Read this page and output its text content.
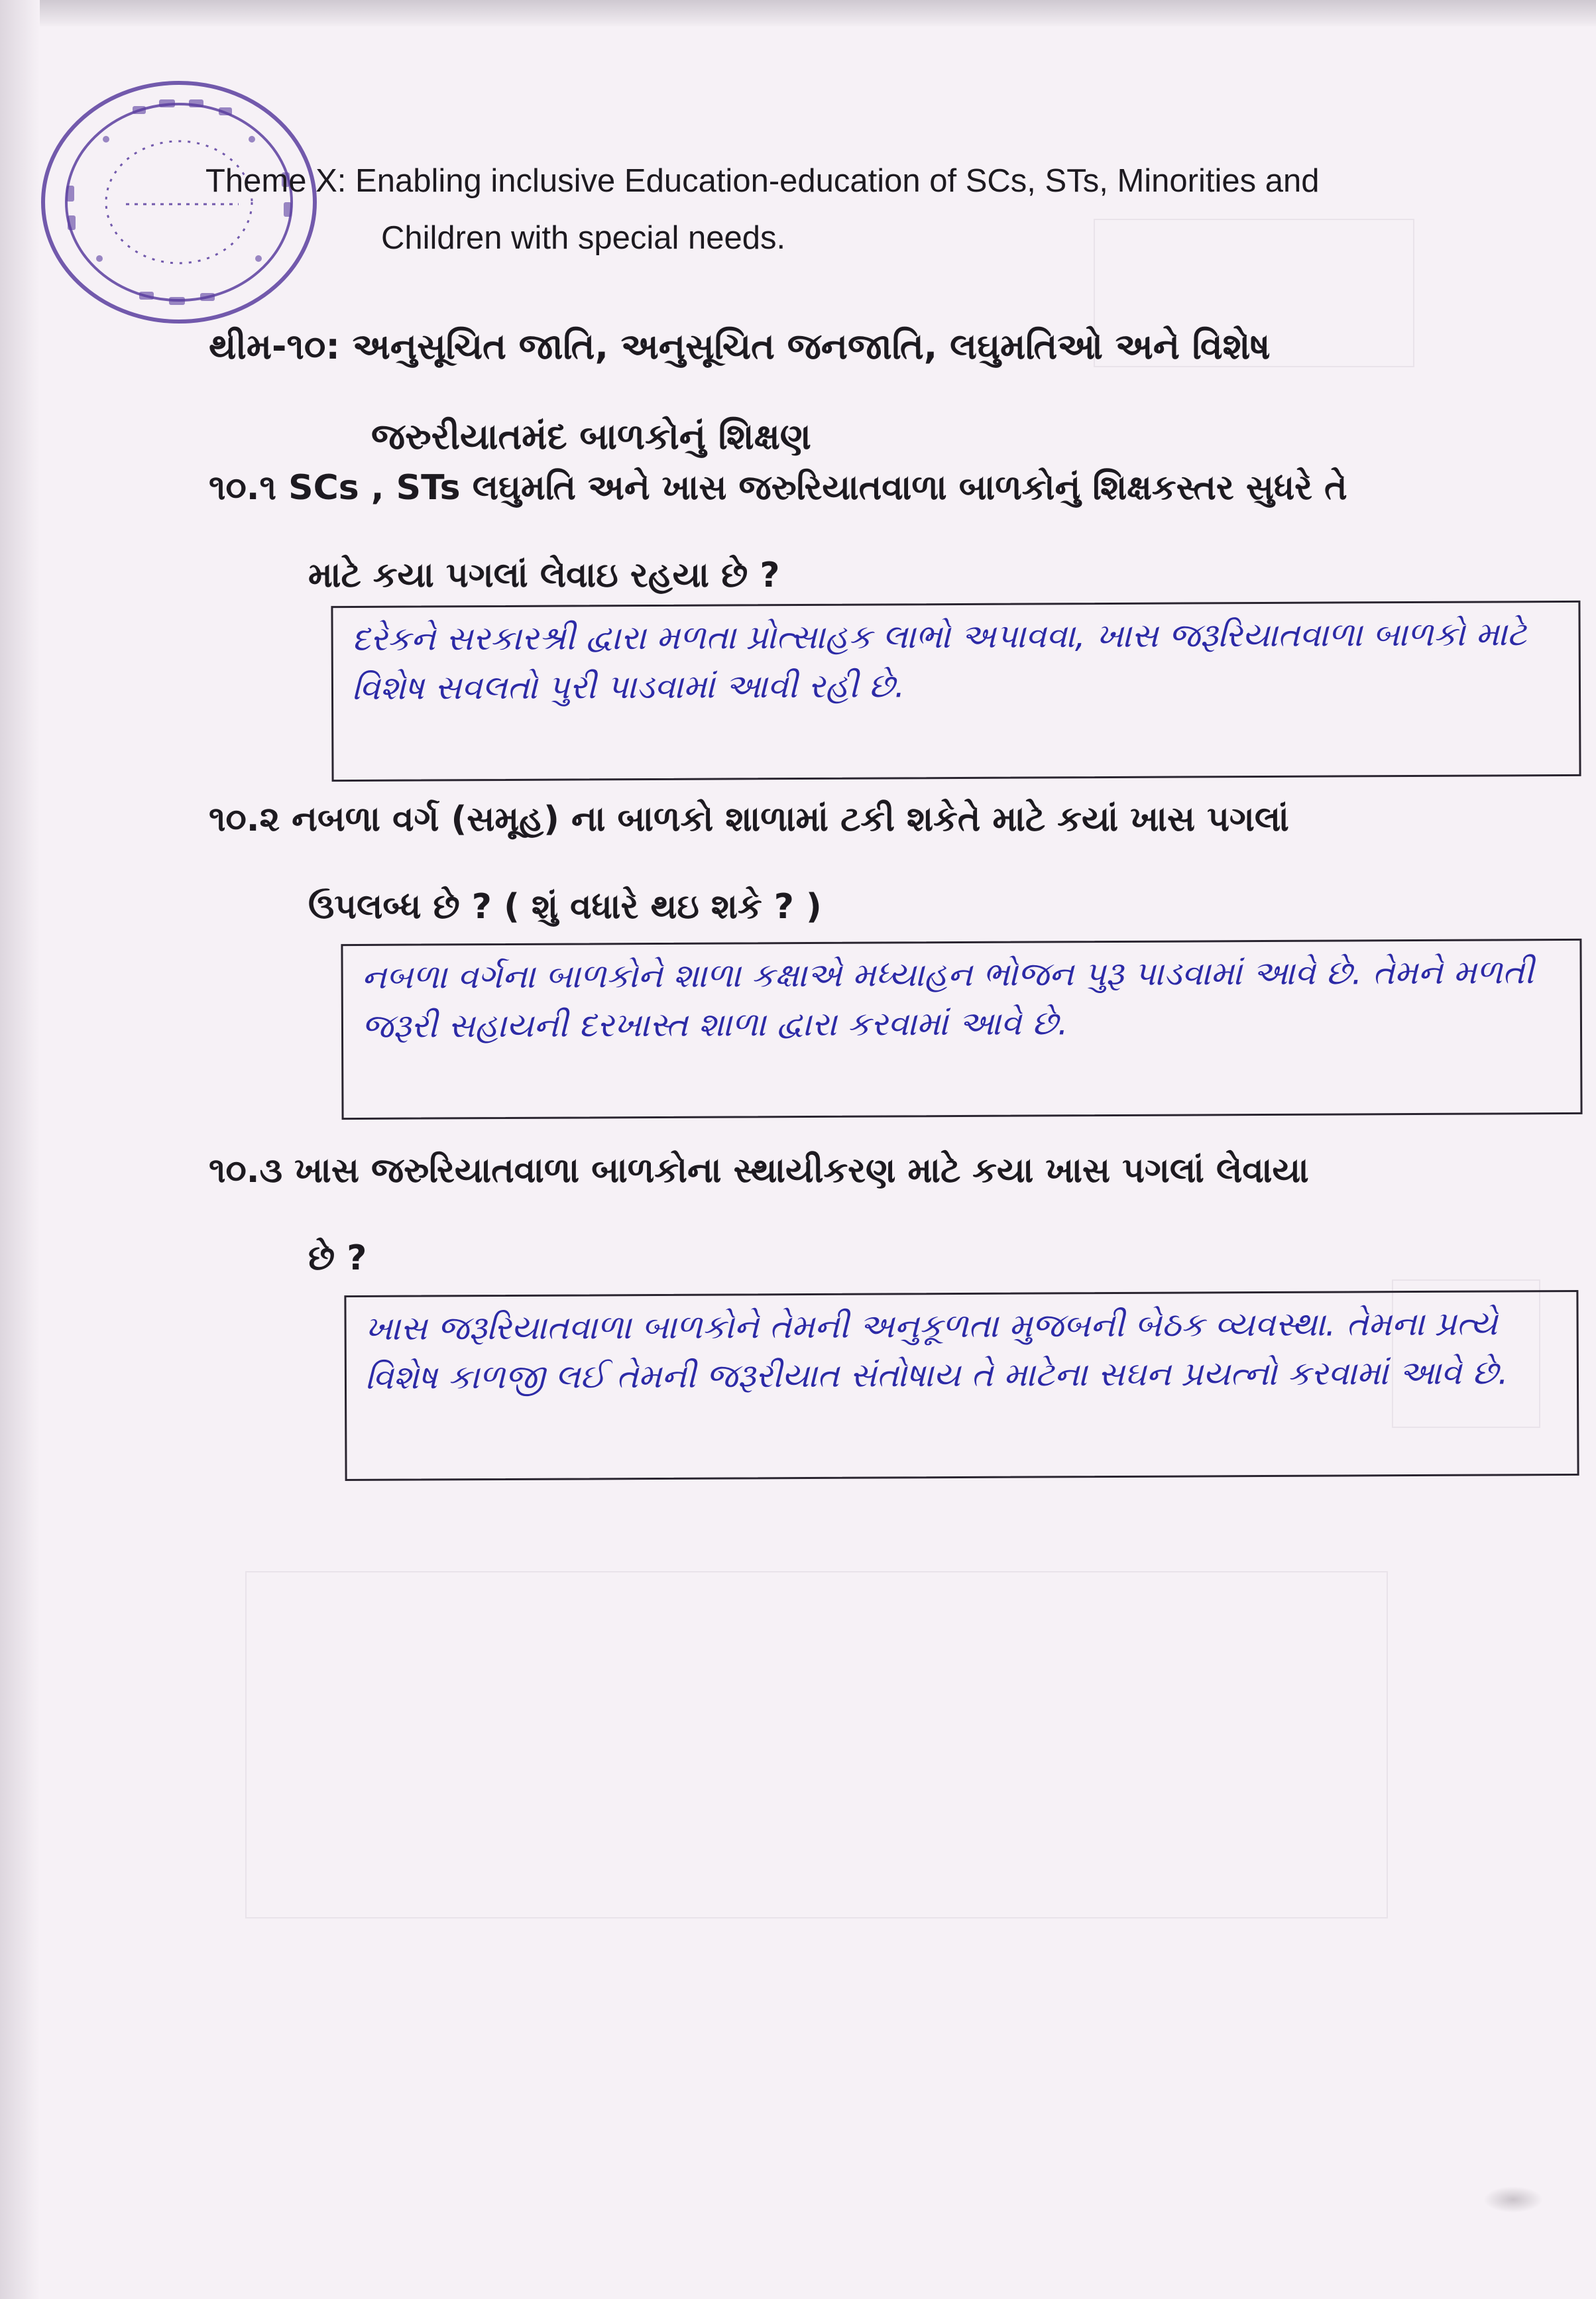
Theme X: Enabling inclusive Education-education of SCs, STs, Minorities and
Children with special needs.
થીમ-૧૦: અનુસૂચિત જાતિ, અનુસૂચિત જનજાતિ, લઘુમતિઓ અને વિશેષ
જરુરીયાતમંદ બાળકોનું શિક્ષણ
૧૦.૧ SCs , STs લઘુમતિ અને ખાસ જરુરિયાતવાળા બાળકોનું શિક્ષકસ્તર સુધરે તે
માટે કયા પગલાં લેવાઇ રહયા છે ?
દરેકને સરકારશ્રી દ્વારા મળતા પ્રોત્સાહક લાભો અપાવવા, ખાસ જરૂરિયાતવાળા બાળકો માટે વિશેષ સવલતો પુરી પાડવામાં આવી રહી છે.
૧૦.૨ નબળા વર્ગ (સમૂહ) ના બાળકો શાળામાં ટકી શકેતે માટે કયાં ખાસ પગલાં
ઉપલબ્ધ છે ? ( શું વધારે થઇ શકે ? )
નબળા વર્ગના બાળકોને શાળા કક્ષાએ મધ્યાહન ભોજન પુરૂ પાડવામાં આવે છે. તેમને મળતી જરૂરી સહાયની દરખાસ્ત શાળા દ્વારા કરવામાં આવે છે.
૧૦.૩ ખાસ જરુરિયાતવાળા બાળકોના સ્થાયીકરણ માટે કયા ખાસ પગલાં લેવાયા
છે ?
ખાસ જરૂરિયાતવાળા બાળકોને તેમની અનુકૂળતા મુજબની બેઠક વ્યવસ્થા. તેમના પ્રત્યે વિશેષ કાળજી લઈ તેમની જરૂરીયાત સંતોષાય તે માટેના સઘન પ્રયત્નો કરવામાં આવે છે.
